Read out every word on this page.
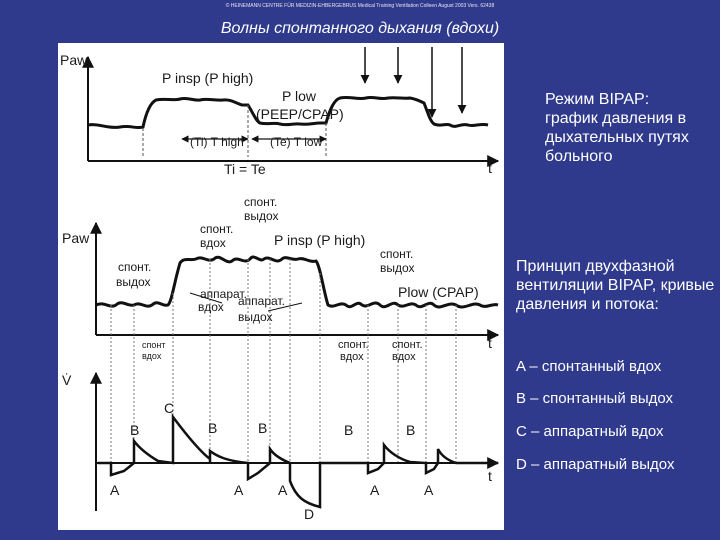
© HEINEMANN CENTRE FÜR MEDIZIN-EHBERGEBRUS Medical Training Ventilation Colleen August 2003 Vers. 62438
Волны спонтанного дыхания (вдохи)
Paw
t
P insp (P high)
P low
(PEEP/CPAP)
(Ti) T high (Te) T low
Ti = Te
Paw
t
спонт.
выдох
спонт.
вдох
спонт.
выдох
P insp (P high)
аппарат.
вдох аппарат.
выдох
спонт.
выдох
Plow (CPAP)
спонт.
вдох
спонт.
вдох
спонт
вдох
V̇
t
B
C
B	B	B	B
A	A A	A	A
D
Режим BIPAP: график давления в дыхательных путях больного
Принцип двухфазной вентиляции BIPAP, кривые давления и потока:
A – спонтанный вдох
B – спонтанный выдох
C – аппаратный вдох
D – аппаратный выдох
